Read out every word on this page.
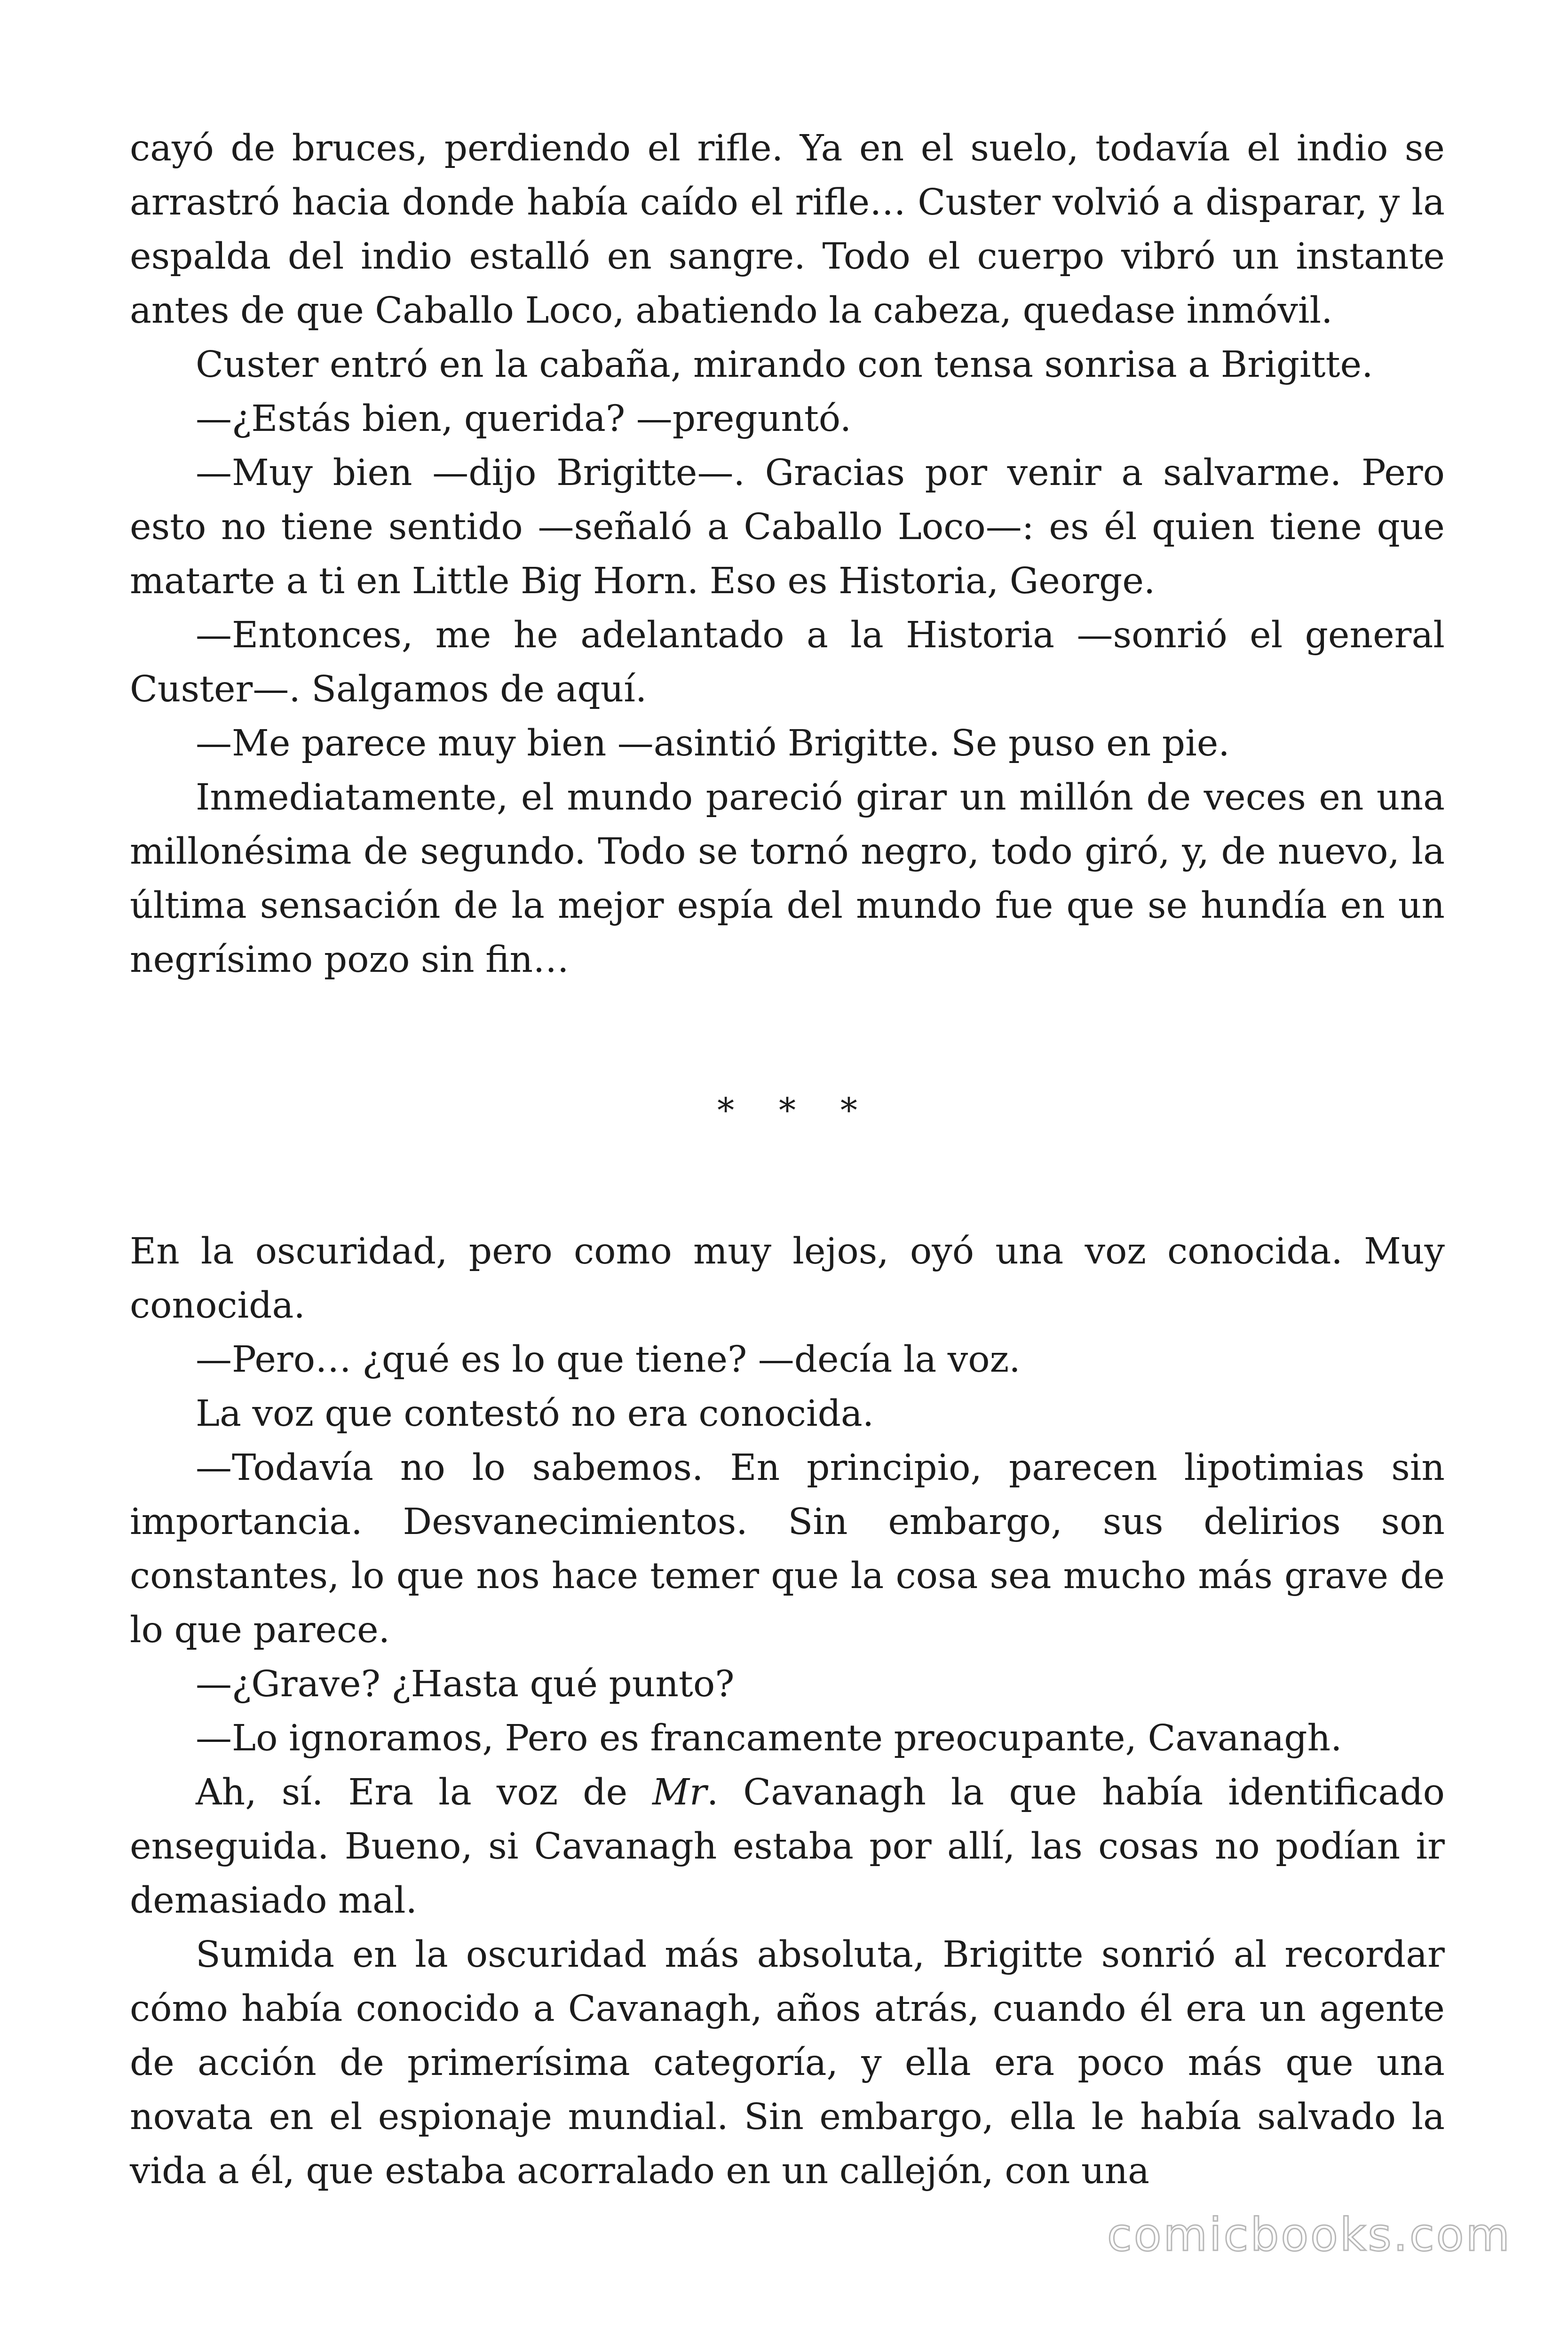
cayó de bruces, perdiendo el rifle. Ya en el suelo, todavía el indio se arrastró hacia donde había caído el rifle… Custer volvió a disparar, y la espalda del indio estalló en sangre. Todo el cuerpo vibró un instante antes de que Caballo Loco, abatiendo la cabeza, quedase inmóvil.

Custer entró en la cabaña, mirando con tensa sonrisa a Brigitte.

—¿Estás bien, querida? —preguntó.

—Muy bien —dijo Brigitte—. Gracias por venir a salvarme. Pero esto no tiene sentido —señaló a Caballo Loco—: es él quien tiene que matarte a ti en Little Big Horn. Eso es Historia, George.

—Entonces, me he adelantado a la Historia —sonrió el general Custer—. Salgamos de aquí.

—Me parece muy bien —asintió Brigitte. Se puso en pie.

Inmediatamente, el mundo pareció girar un millón de veces en una millonésima de segundo. Todo se tornó negro, todo giró, y, de nuevo, la última sensación de la mejor espía del mundo fue que se hundía en un negrísimo pozo sin fin…

* * *

En la oscuridad, pero como muy lejos, oyó una voz conocida. Muy conocida.

—Pero… ¿qué es lo que tiene? —decía la voz.

La voz que contestó no era conocida.

—Todavía no lo sabemos. En principio, parecen lipotimias sin importancia. Desvanecimientos. Sin embargo, sus delirios son constantes, lo que nos hace temer que la cosa sea mucho más grave de lo que parece.

—¿Grave? ¿Hasta qué punto?

—Lo ignoramos, Pero es francamente preocupante, Cavanagh.

Ah, sí. Era la voz de Mr. Cavanagh la que había identificado enseguida. Bueno, si Cavanagh estaba por allí, las cosas no podían ir demasiado mal.

Sumida en la oscuridad más absoluta, Brigitte sonrió al recordar cómo había conocido a Cavanagh, años atrás, cuando él era un agente de acción de primerísima categoría, y ella era poco más que una novata en el espionaje mundial. Sin embargo, ella le había salvado la vida a él, que estaba acorralado en un callejón, con una

comicbooks.com
